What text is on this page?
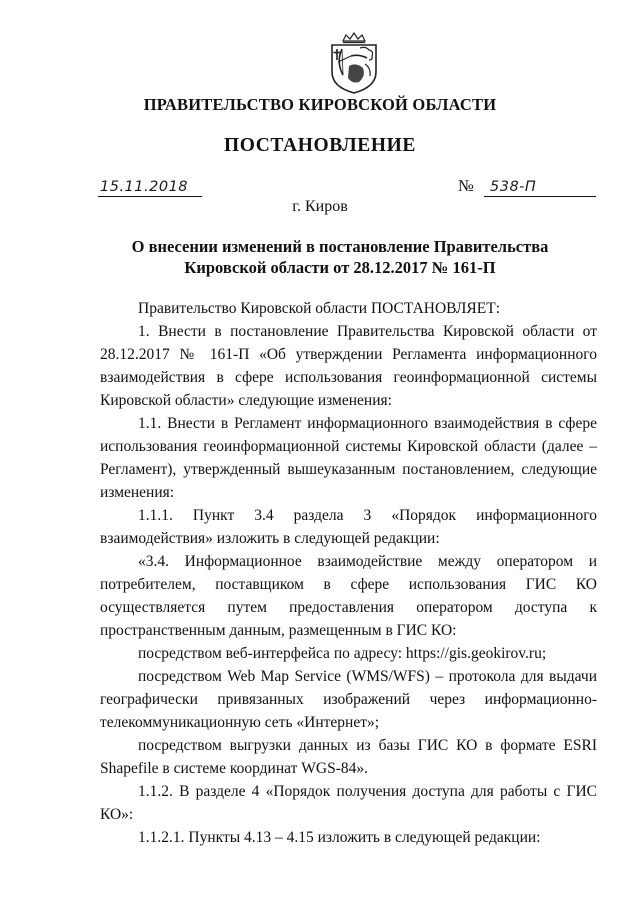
ПРАВИТЕЛЬСТВО КИРОВСКОЙ ОБЛАСТИ
ПОСТАНОВЛЕНИЕ
15.11.2018	№ 538-П
г. Киров
О внесении изменений в постановление Правительства Кировской области от 28.12.2017 № 161-П

Правительство Кировской области ПОСТАНОВЛЯЕТ:

1. Внести в постановление Правительства Кировской области от 28.12.2017 № 161-П «Об утверждении Регламента информационного взаимодействия в сфере использования геоинформационной системы Кировской области» следующие изменения:

1.1. Внести в Регламент информационного взаимодействия в сфере использования геоинформационной системы Кировской области (далее – Регламент), утвержденный вышеуказанным постановлением, следующие изменения:

1.1.1. Пункт 3.4 раздела 3 «Порядок информационного взаимодействия» изложить в следующей редакции:

«3.4. Информационное взаимодействие между оператором и потребителем, поставщиком в сфере использования ГИС КО осуществляется путем предоставления оператором доступа к пространственным данным, размещенным в ГИС КО:

посредством веб-интерфейса по адресу: https://gis.geokirov.ru;

посредством Web Map Service (WMS/WFS) – протокола для выдачи географически привязанных изображений через информационно-телекоммуникационную сеть «Интернет»;

посредством выгрузки данных из базы ГИС КО в формате ESRI Shapefile в системе координат WGS-84».

1.1.2. В разделе 4 «Порядок получения доступа для работы с ГИС КО»:

1.1.2.1. Пункты 4.13 – 4.15 изложить в следующей редакции:
